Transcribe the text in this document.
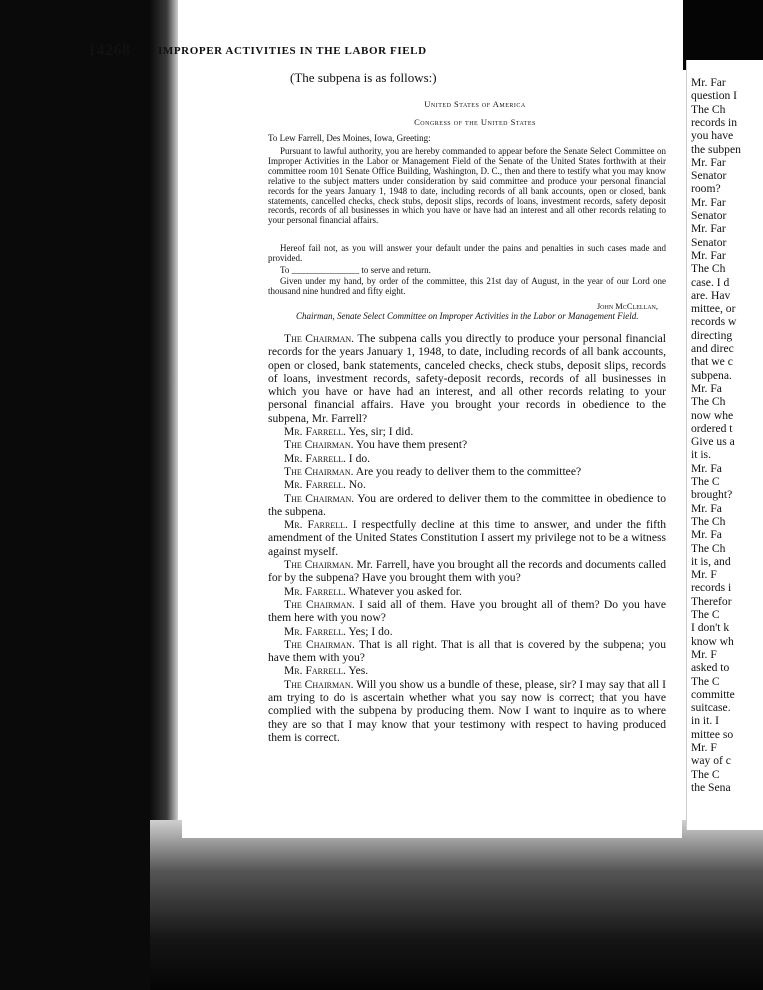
14268	IMPROPER ACTIVITIES IN THE LABOR FIELD
(The subpena is as follows:)
United States of America
Congress of the United States
To Lew Farrell, Des Moines, Iowa, Greeting:
Pursuant to lawful authority, you are hereby commanded to appear before the Senate Select Committee on Improper Activities in the Labor or Management Field of the Senate of the United States forthwith at their committee room 101 Senate Office Building, Washington, D. C., then and there to testify what you may know relative to the subject matters under consideration by said committee and produce your personal financial records for the years January 1, 1948 to date, including records of all bank accounts, open or closed, bank statements, cancelled checks, check stubs, deposit slips, records of loans, investment records, safety deposit records, records of all businesses in which you have or have had an interest and all other records relating to your personal financial affairs.
Hereof fail not, as you will answer your default under the pains and penalties in such cases made and provided.
To _______________ to serve and return.
Given under my hand, by order of the committee, this 21st day of August, in the year of our Lord one thousand nine hundred and fifty eight.
John McClellan,
Chairman, Senate Select Committee on Improper Activities in the Labor or Management Field.

The Chairman. The subpena calls you directly to produce your personal financial records for the years January 1, 1948, to date, including records of all bank accounts, open or closed, bank statements, canceled checks, check stubs, deposit slips, records of loans, investment records, safety-deposit records, records of all businesses in which you have or have had an interest, and all other records relating to your personal financial affairs. Have you brought your records in obedience to the subpena, Mr. Farrell?

Mr. Farrell. Yes, sir; I did.

The Chairman. You have them present?

Mr. Farrell. I do.

The Chairman. Are you ready to deliver them to the committee?

Mr. Farrell. No.

The Chairman. You are ordered to deliver them to the committee in obedience to the subpena.

Mr. Farrell. I respectfully decline at this time to answer, and under the fifth amendment of the United States Constitution I assert my privilege not to be a witness against myself.

The Chairman. Mr. Farrell, have you brought all the records and documents called for by the subpena? Have you brought them with you?

Mr. Farrell. Whatever you asked for.

The Chairman. I said all of them. Have you brought all of them? Do you have them here with you now?

Mr. Farrell. Yes; I do.

The Chairman. That is all right. That is all that is covered by the subpena; you have them with you?

Mr. Farrell. Yes.

The Chairman. Will you show us a bundle of these, please, sir? I may say that all I am trying to do is ascertain whether what you say now is correct; that you have complied with the subpena by producing them. Now I want to inquire as to where they are so that I may know that your testimony with respect to having produced them is correct.

Mr. Far
question I
The Ch
records in
you have
the subpen
Mr. Far
Senator
room?
Mr. Far
Senator
Mr. Far
Senator
Mr. Far
The Ch
case. I d
are. Hav
mittee, or
records w
directing
and direc
that we c
subpena.
Mr. Fa
The Ch
now whe
ordered t
Give us a
it is.
Mr. Fa
The C
brought?
Mr. Fa
The Ch
Mr. Fa
The Ch
it is, and
Mr. F
records i
Therefor
The C
I don't k
know wh
Mr. F
asked to
The C
committe
suitcase.
in it. I
mittee so
Mr. F
way of c
The C
the Sena
